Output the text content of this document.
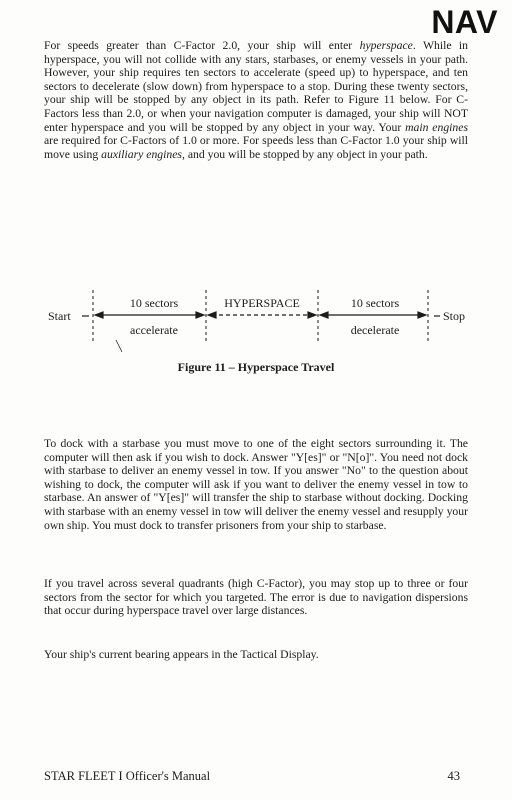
NAV

For speeds greater than C-Factor 2.0, your ship will enter hyperspace. While in hyperspace, you will not collide with any stars, starbases, or enemy vessels in your path. However, your ship requires ten sectors to accelerate (speed up) to hyperspace, and ten sectors to decelerate (slow down) from hyperspace to a stop. During these twenty sectors, your ship will be stopped by any object in its path. Refer to Figure 11 below. For C-Factors less than 2.0, or when your navigation computer is damaged, your ship will NOT enter hyperspace and you will be stopped by any object in your way. Your main engines are required for C-Factors of 1.0 or more. For speeds less than C-Factor 1.0 your ship will move using auxiliary engines, and you will be stopped by any object in your path.

Start	Stop
10 sectors	HYPERSPACE	10 sectors
accelerate	decelerate
Figure 11 – Hyperspace Travel

To dock with a starbase you must move to one of the eight sectors surrounding it. The computer will then ask if you wish to dock. Answer "Y[es]" or "N[o]". You need not dock with starbase to deliver an enemy vessel in tow. If you answer "No" to the question about wishing to dock, the computer will ask if you want to deliver the enemy vessel in tow to starbase. An answer of "Y[es]" will transfer the ship to starbase without docking. Docking with starbase with an enemy vessel in tow will deliver the enemy vessel and resupply your own ship. You must dock to transfer prisoners from your ship to starbase.

If you travel across several quadrants (high C-Factor), you may stop up to three or four sectors from the sector for which you targeted. The error is due to navigation dispersions that occur during hyperspace travel over large distances.

Your ship's current bearing appears in the Tactical Display.

STAR FLEET I Officer's Manual	43
